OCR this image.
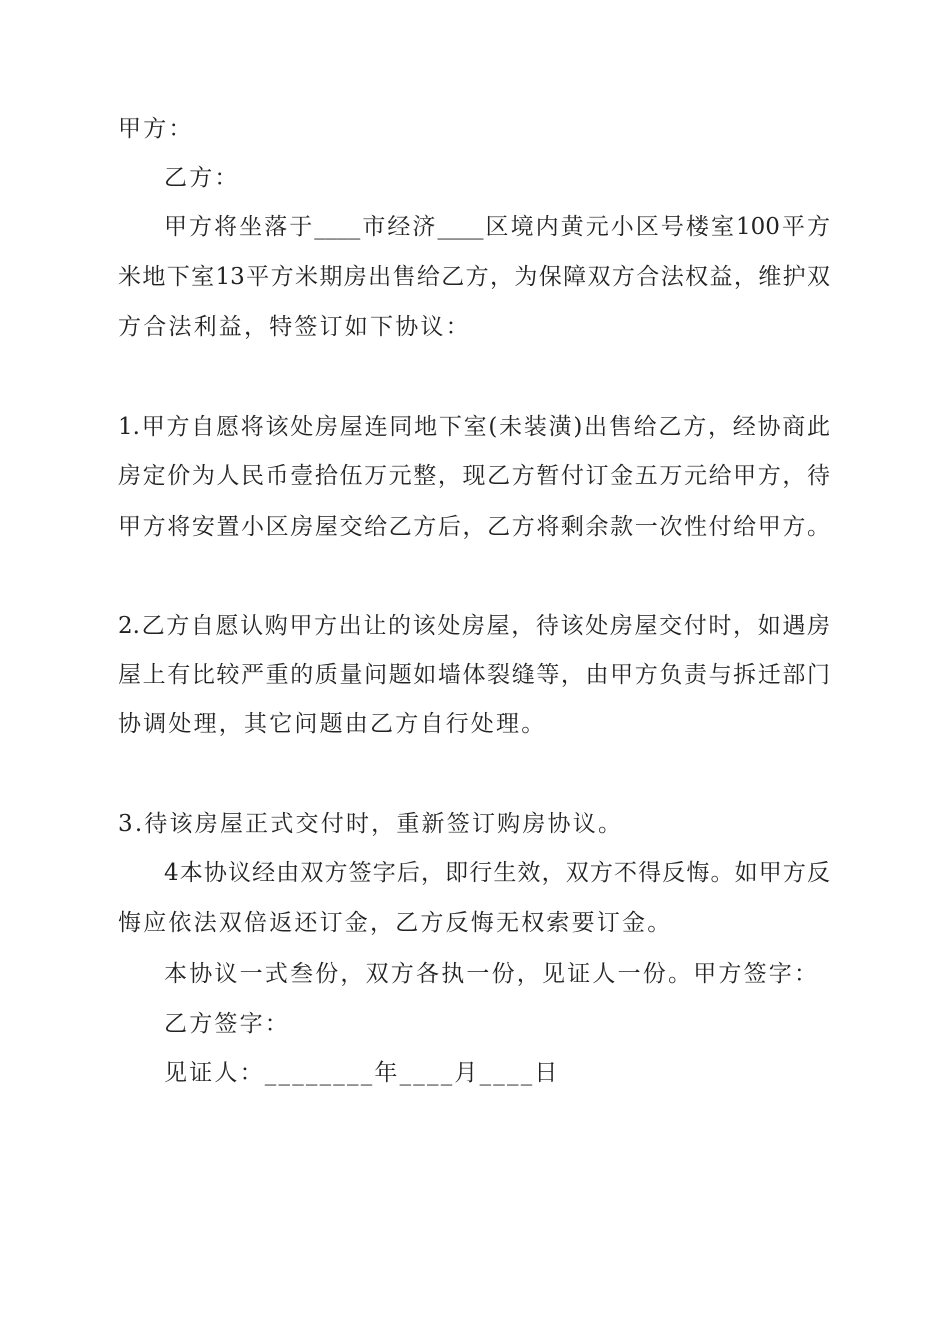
甲方：
乙方：
甲方将坐落于____市经济____区境内黄元小区号楼室100平方
米地下室13平方米期房出售给乙方，为保障双方合法权益，维护双
方合法利益，特签订如下协议：
1.甲方自愿将该处房屋连同地下室(未装潢)出售给乙方，经协商此
房定价为人民币壹拾伍万元整，现乙方暂付订金五万元给甲方，待
甲方将安置小区房屋交给乙方后，乙方将剩余款一次性付给甲方。
2.乙方自愿认购甲方出让的该处房屋，待该处房屋交付时，如遇房
屋上有比较严重的质量问题如墙体裂缝等，由甲方负责与拆迁部门
协调处理，其它问题由乙方自行处理。
3.待该房屋正式交付时，重新签订购房协议。
4本协议经由双方签字后，即行生效，双方不得反悔。如甲方反
悔应依法双倍返还订金，乙方反悔无权索要订金。
本协议一式叁份，双方各执一份，见证人一份。甲方签字：
乙方签字：
见证人：________年____月____日
